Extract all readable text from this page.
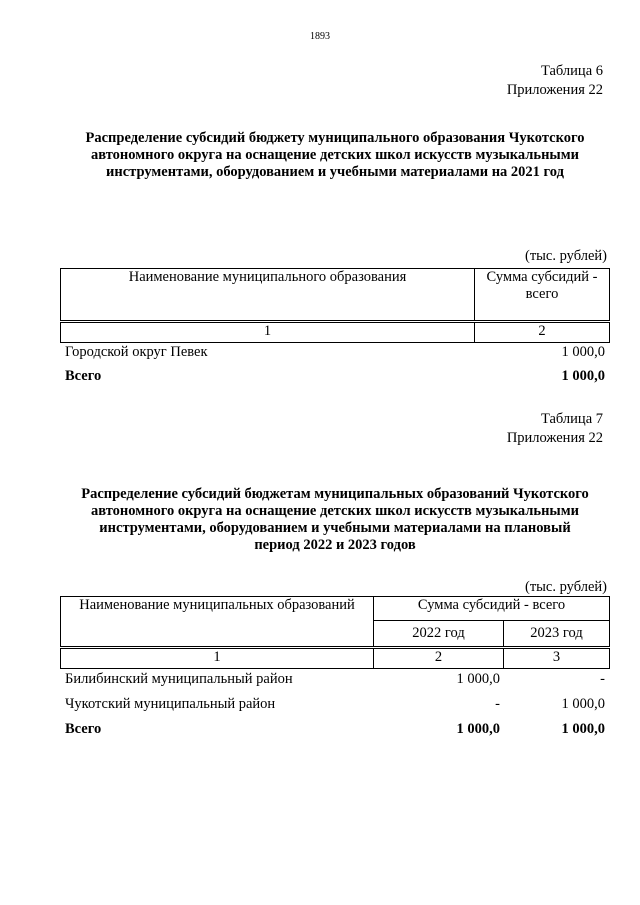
1893
Таблица 6
Приложения 22
Распределение субсидий бюджету муниципального образования Чукотского
автономного округа на оснащение детских школ искусств музыкальными
инструментами, оборудованием и учебными материалами на 2021 год
(тыс. рублей)
Наименование муниципального образования	Сумма субсидий -
всего
1	2
Городской округ Певек	1 000,0
Всего	1 000,0
Таблица 7
Приложения 22
Распределение субсидий бюджетам муниципальных образований Чукотского
автономного округа на оснащение детских школ искусств музыкальными
инструментами, оборудованием и учебными материалами на плановый
период 2022 и 2023 годов
(тыс. рублей)
Наименование муниципальных образований	Сумма субсидий - всего	
	2022 год	2023 год
1	2	3
Билибинский муниципальный район	1 000,0	-
Чукотский муниципальный район	-	1 000,0
Всего	1 000,0	1 000,0
